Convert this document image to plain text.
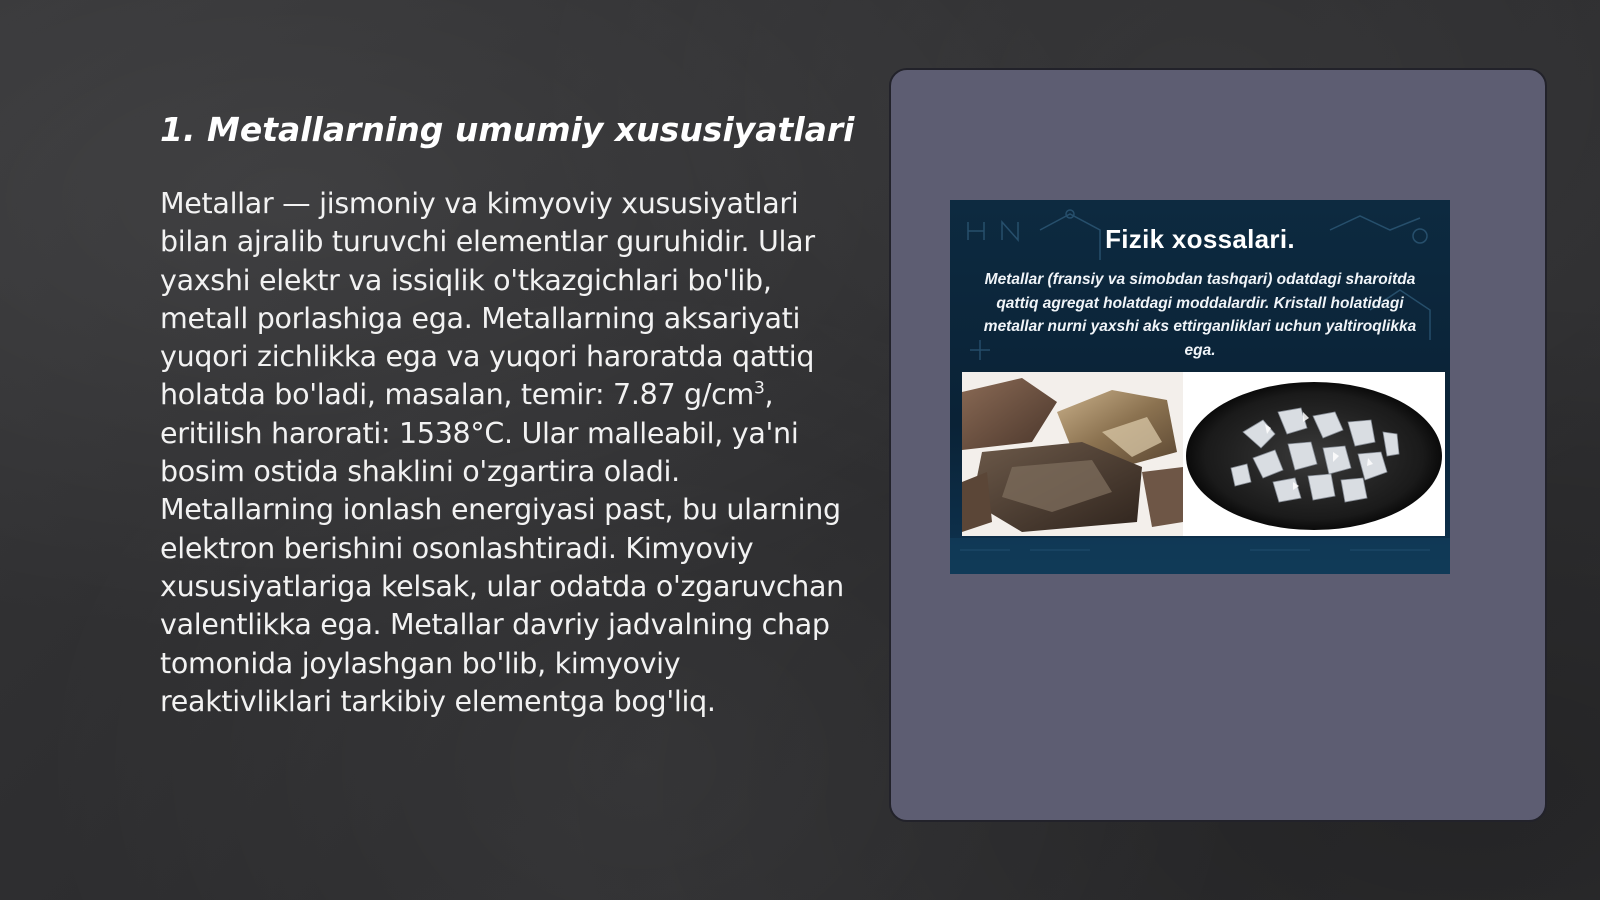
1. Metallarning umumiy xususiyatlari

Metallar — jismoniy va kimyoviy xususiyatlari bilan ajralib turuvchi elementlar guruhidir. Ular yaxshi elektr va issiqlik o'tkazgichlari bo'lib, metall porlashiga ega. Metallarning aksariyati yuqori zichlikka ega va yuqori haroratda qattiq holatda bo'ladi, masalan, temir: 7.87 $g/cm^3$, eritilish harorati: 1538°C. Ular malleabil, ya'ni bosim ostida shaklini o'zgartira oladi. Metallarning ionlash energiyasi past, bu ularning elektron berishini osonlashtiradi. Kimyoviy xususiyatlariga kelsak, ular odatda o'zgaruvchan valentlikka ega. Metallar davriy jadvalning chap tomonida joylashgan bo'lib, kimyoviy reaktivliklari tarkibiy elementga bog'liq.

Fizik xossalari.
Metallar (fransiy va simobdan tashqari) odatdagi sharoitda qattiq agregat holatdagi moddalardir. Kristall holatidagi metallar nurni yaxshi aks ettirganliklari uchun yaltiroqlikka ega.
